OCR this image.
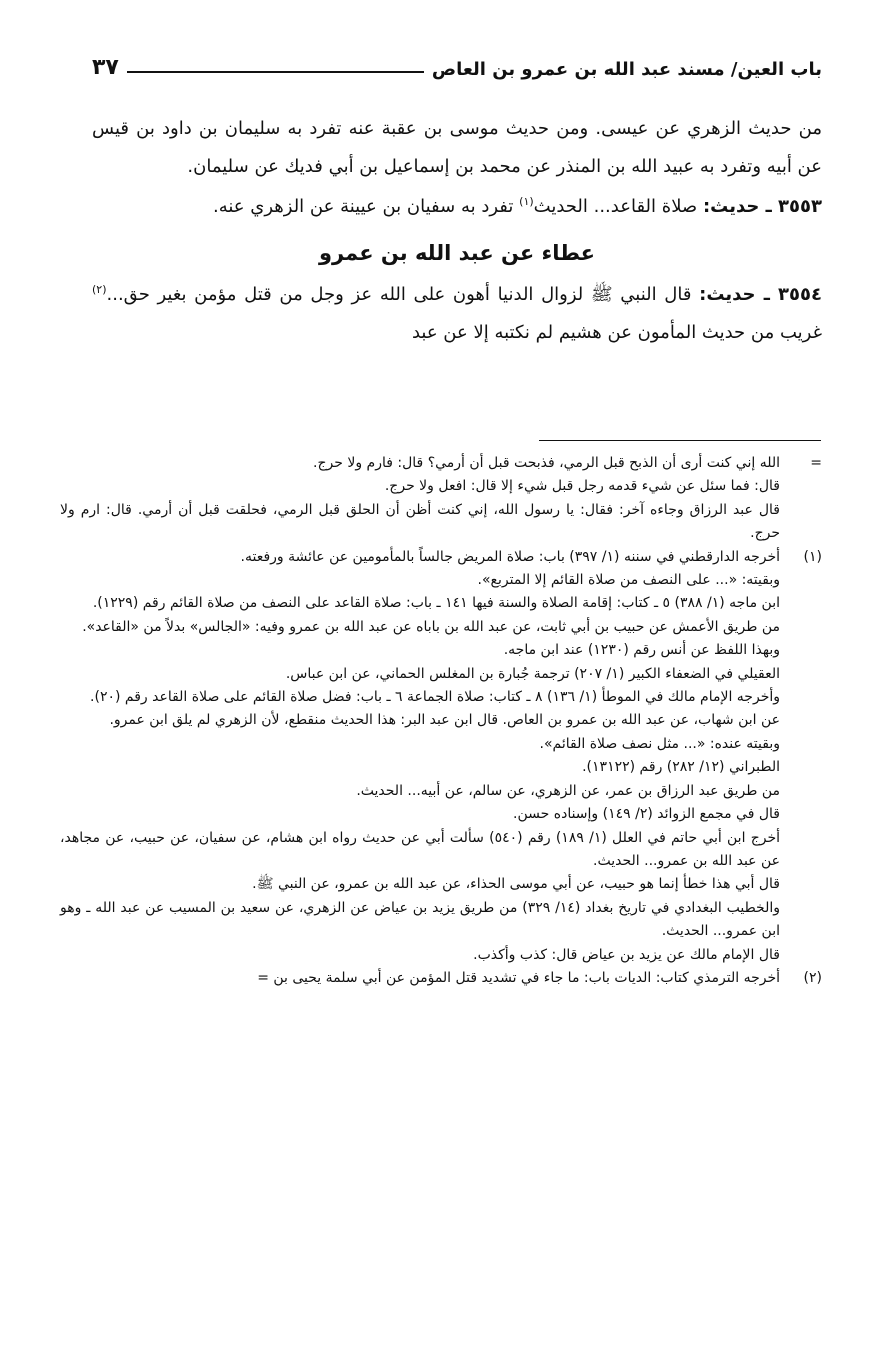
باب العين/ مسند عبد الله بن عمرو بن العاص
٣٧

من حديث الزهري عن عيسى. ومن حديث موسى بن عقبة عنه تفرد به سليمان بن داود بن قيس عن أبيه وتفرد به عبيد الله بن المنذر عن محمد بن إسماعيل بن أبي فديك عن سليمان.

٣٥٥٣ ـ حديث: صلاة القاعد... الحديث$^{(١)}$ تفرد به سفيان بن عيينة عن الزهري عنه.

عطاء عن عبد الله بن عمرو

٣٥٥٤ ـ حديث: قال النبي ﷺ لزوال الدنيا أهون على الله عز وجل من قتل مؤمن بغير حق...$^{(٢)}$ غريب من حديث المأمون عن هشيم لم نكتبه إلا عن عبد

=

الله إني كنت أرى أن الذبح قبل الرمي، فذبحت قبل أن أرمي؟ قال: فارم ولا حرج.

قال: فما سئل عن شيء قدمه رجل قبل شيء إلا قال: افعل ولا حرج.

قال عبد الرزاق وجاءه آخر: فقال: يا رسول الله، إني كنت أظن أن الحلق قبل الرمي، فحلقت قبل أن أرمي. قال: ارم ولا حرج.

(١)

أخرجه الدارقطني في سننه (١/ ٣٩٧) باب: صلاة المريض جالساً بالمأمومين عن عائشة ورفعته.

وبقيته: «... على النصف من صلاة القائم إلا المتربع».

ابن ماجه (١/ ٣٨٨) ٥ ـ كتاب: إقامة الصلاة والسنة فيها ١٤١ ـ باب: صلاة القاعد على النصف من صلاة القائم رقم (١٢٢٩).

من طريق الأعمش عن حبيب بن أبي ثابت، عن عبد الله بن باباه عن عبد الله بن عمرو وفيه: «الجالس» بدلاً من «القاعد».

وبهذا اللفظ عن أنس رقم (١٢٣٠) عند ابن ماجه.

العقيلي في الضعفاء الكبير (١/ ٢٠٧) ترجمة جُبارة بن المغلس الحماني، عن ابن عباس.

وأخرجه الإمام مالك في الموطأ (١/ ١٣٦) ٨ ـ كتاب: صلاة الجماعة ٦ ـ باب: فضل صلاة القائم على صلاة القاعد رقم (٢٠).

عن ابن شهاب، عن عبد الله بن عمرو بن العاص. قال ابن عبد البر: هذا الحديث منقطع، لأن الزهري لم يلق ابن عمرو.

وبقيته عنده: «... مثل نصف صلاة القائم».

الطبراني (١٢/ ٢٨٢) رقم (١٣١٢٢).

من طريق عبد الرزاق بن عمر، عن الزهري، عن سالم، عن أبيه... الحديث.

قال في مجمع الزوائد (٢/ ١٤٩) وإسناده حسن.

أخرج ابن أبي حاتم في العلل (١/ ١٨٩) رقم (٥٤٠) سألت أبي عن حديث رواه ابن هشام، عن سفيان، عن حبيب، عن مجاهد، عن عبد الله بن عمرو... الحديث.

قال أبي هذا خطأ إنما هو حبيب، عن أبي موسى الحذاء، عن عبد الله بن عمرو، عن النبي ﷺ.

والخطيب البغدادي في تاريخ بغداد (١٤/ ٣٢٩) من طريق يزيد بن عياض عن الزهري، عن سعيد بن المسيب عن عبد الله ـ وهو ابن عمرو... الحديث.

قال الإمام مالك عن يزيد بن عياض قال: كذب وأكذب.

(٢)

أخرجه الترمذي كتاب: الديات باب: ما جاء في تشديد قتل المؤمن عن أبي سلمة يحيى بن =
